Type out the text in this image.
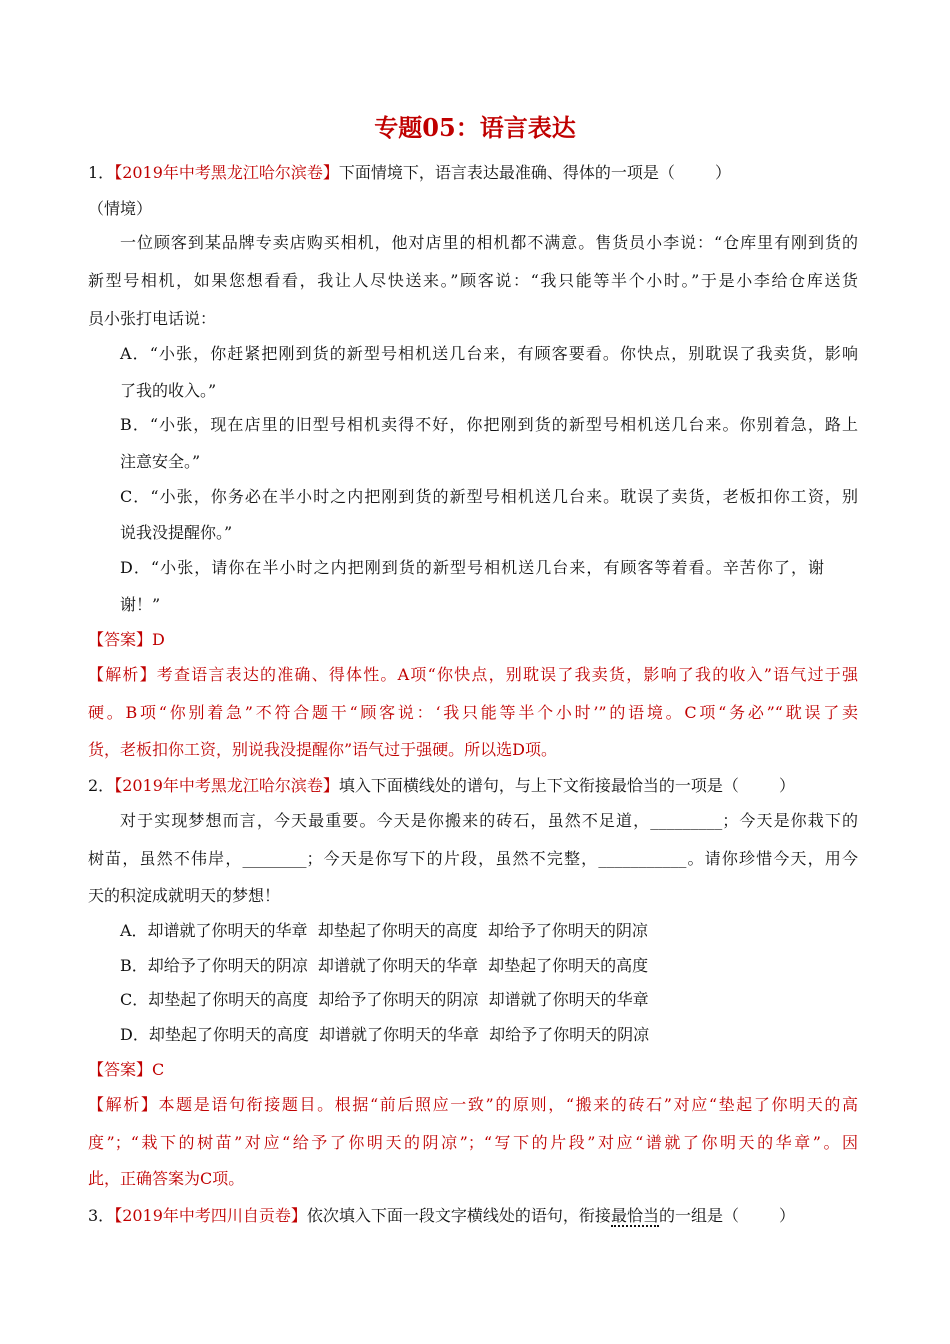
专题05：语言表达
1．【2019年中考黑龙江哈尔滨卷】下面情境下，语言表达最准确、得体的一项是（	）
（情境）
一位顾客到某品牌专卖店购买相机，他对店里的相机都不满意。售货员小李说：“仓库里有刚到货的
新型号相机，如果您想看看，我让人尽快送来。”顾客说：“我只能等半个小时。”于是小李给仓库送货
员小张打电话说：
A．“小张，你赶紧把刚到货的新型号相机送几台来，有顾客要看。你快点，别耽误了我卖货，影响
了我的收入。”
B．“小张，现在店里的旧型号相机卖得不好，你把刚到货的新型号相机送几台来。你别着急，路上
注意安全。”
C．“小张，你务必在半小时之内把刚到货的新型号相机送几台来。耽误了卖货，老板扣你工资，别
说我没提醒你。”
D．“小张，请你在半小时之内把刚到货的新型号相机送几台来，有顾客等着看。辛苦你了，谢
谢！”
【答案】D
【解析】考查语言表达的准确、得体性。A项“你快点，别耽误了我卖货，影响了我的收入”语气过于强
硬。B项“你别着急”不符合题干“顾客说：‘我只能等半个小时’”的语境。C项“务必”“耽误了卖
货，老板扣你工资，别说我没提醒你”语气过于强硬。所以选D项。
2．【2019年中考黑龙江哈尔滨卷】填入下面横线处的谱句，与上下文衔接最恰当的一项是（	）
对于实现梦想而言，今天最重要。今天是你搬来的砖石，虽然不足道，_________；今天是你栽下的
树苗，虽然不伟岸，________；今天是你写下的片段，虽然不完整，___________。请你珍惜今天，用今
天的积淀成就明天的梦想！
A．却谱就了你明天的华章  却垫起了你明天的高度  却给予了你明天的阴凉
B．却给予了你明天的阴凉  却谱就了你明天的华章  却垫起了你明天的高度
C．却垫起了你明天的高度  却给予了你明天的阴凉  却谱就了你明天的华章
D．却垫起了你明天的高度  却谱就了你明天的华章  却给予了你明天的阴凉
【答案】C
【解析】本题是语句衔接题目。根据“前后照应一致”的原则，“搬来的砖石”对应“垫起了你明天的高
度”；“栽下的树苗”对应“给予了你明天的阴凉”；“写下的片段”对应“谱就了你明天的华章”。因
此，正确答案为C项。
3．【2019年中考四川自贡卷】依次填入下面一段文字横线处的语句，衔接最恰当的一组是（	）
